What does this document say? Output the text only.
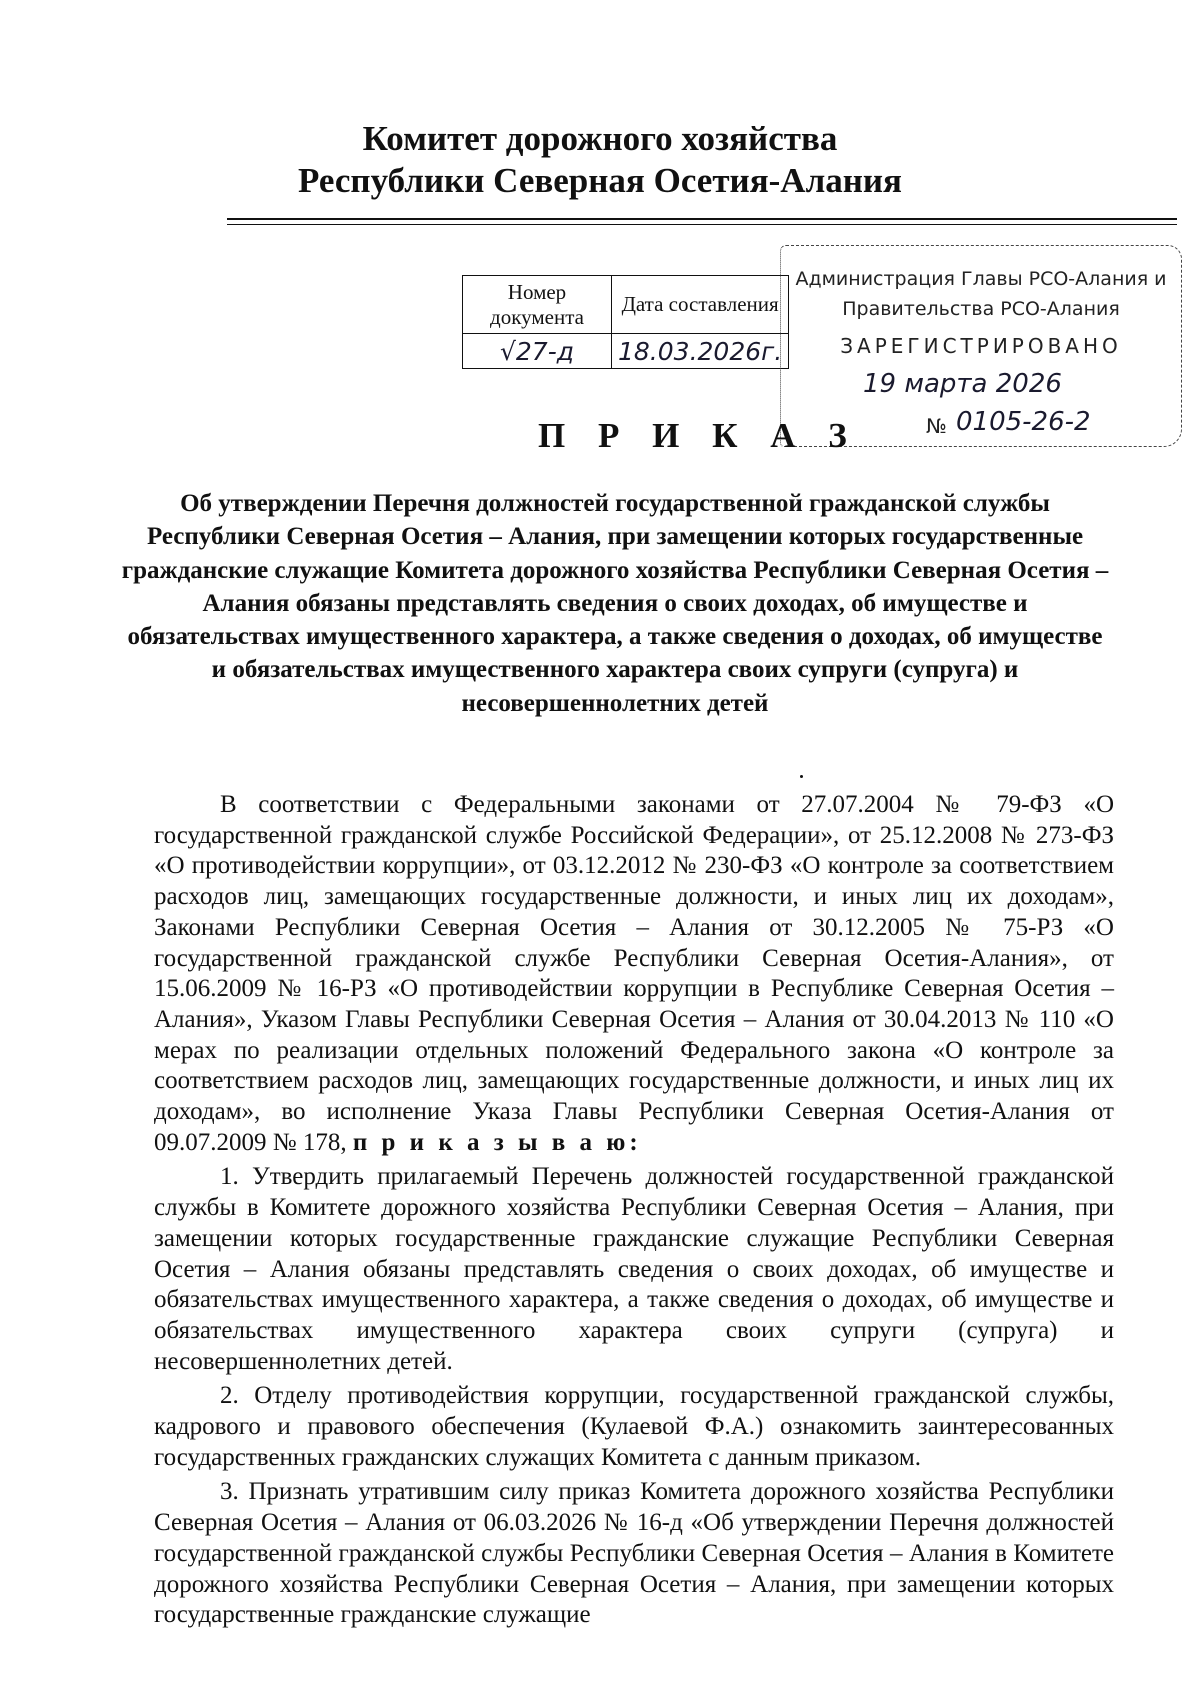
Комитет дорожного хозяйства
Республики Северная Осетия-Алания
Номер документа	Дата составления
√27-д	18.03.2026г.
Администрация Главы РСО-Алания и
Правительства РСО-Алания
ЗАРЕГИСТРИРОВАНО
19 марта 2026
№ 0105-26-2
П Р И К А З
Об утверждении Перечня должностей государственной гражданской службы Республики Северная Осетия – Алания, при замещении которых государственные гражданские служащие Комитета дорожного хозяйства Республики Северная Осетия – Алания обязаны представлять сведения о своих доходах, об имуществе и обязательствах имущественного характера, а также сведения о доходах, об имуществе и обязательствах имущественного характера своих супруги (супруга) и несовершеннолетних детей

В соответствии с Федеральными законами от 27.07.2004 № 79-ФЗ «О государственной гражданской службе Российской Федерации», от 25.12.2008 № 273-ФЗ «О противодействии коррупции», от 03.12.2012 № 230-ФЗ «О контроле за соответствием расходов лиц, замещающих государственные должности, и иных лиц их доходам», Законами Республики Северная Осетия – Алания от 30.12.2005 № 75-РЗ «О государственной гражданской службе Республики Северная Осетия-Алания», от 15.06.2009 № 16-РЗ «О противодействии коррупции в Республике Северная Осетия – Алания», Указом Главы Республики Северная Осетия – Алания от 30.04.2013 № 110 «О мерах по реализации отдельных положений Федерального закона «О контроле за соответствием расходов лиц, замещающих государственные должности, и иных лиц их доходам», во исполнение Указа Главы Республики Северная Осетия-Алания от 09.07.2009 № 178, п р и к а з ы в а ю:

1. Утвердить прилагаемый Перечень должностей государственной гражданской службы в Комитете дорожного хозяйства Республики Северная Осетия – Алания, при замещении которых государственные гражданские служащие Республики Северная Осетия – Алания обязаны представлять сведения о своих доходах, об имуществе и обязательствах имущественного характера, а также сведения о доходах, об имуществе и обязательствах имущественного характера своих супруги (супруга) и несовершеннолетних детей.

2. Отделу противодействия коррупции, государственной гражданской службы, кадрового и правового обеспечения (Кулаевой Ф.А.) ознакомить заинтересованных государственных гражданских служащих Комитета с данным приказом.

3. Признать утратившим силу приказ Комитета дорожного хозяйства Республики Северная Осетия – Алания от 06.03.2026 № 16-д «Об утверждении Перечня должностей государственной гражданской службы Республики Северная Осетия – Алания в Комитете дорожного хозяйства Республики Северная Осетия – Алания, при замещении которых государственные гражданские служащие
